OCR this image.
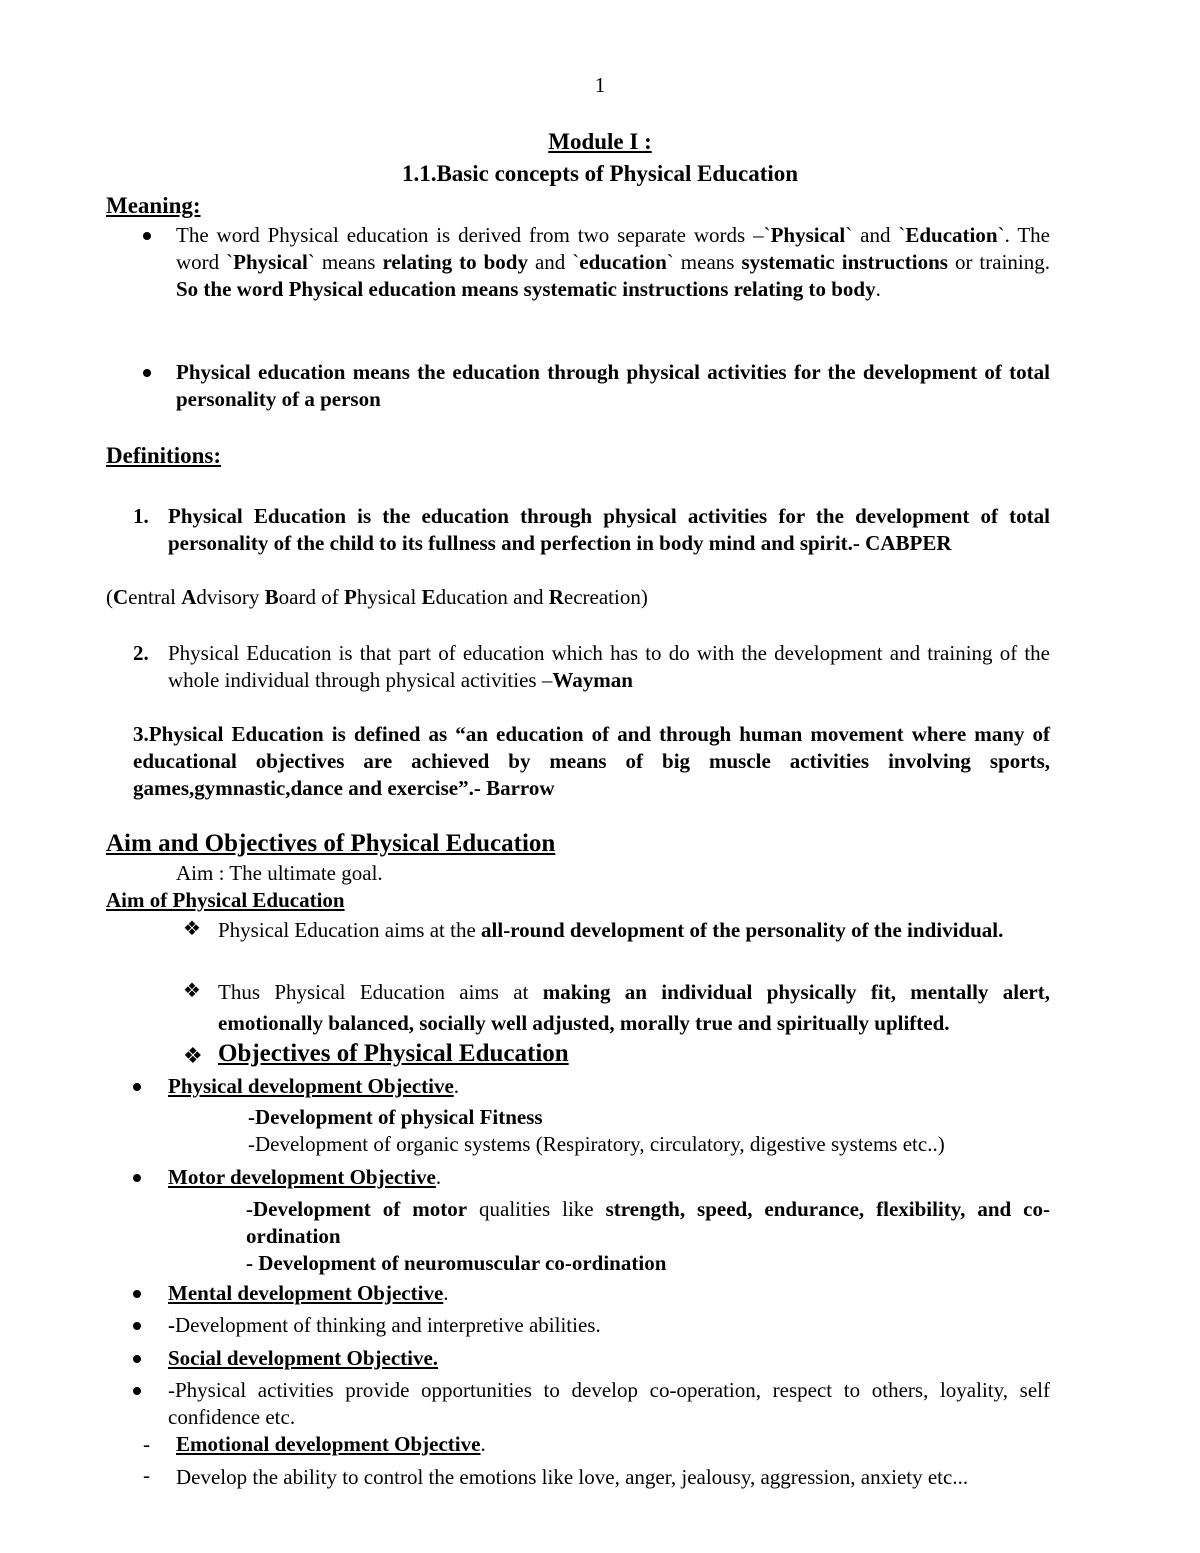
1
Module I :
1.1.Basic concepts of Physical Education
Meaning:
The word Physical education is derived from two separate words –`Physical` and `Education`. The word `Physical` means relating to body and `education` means systematic instructions or training. So the word Physical education means systematic instructions relating to body.
Physical education means the education through physical activities for the development of total personality of a person
Definitions:
1. Physical Education is the education through physical activities for the development of total personality of the child to its fullness and perfection in body mind and spirit.- CABPER
(Central Advisory Board of Physical Education and Recreation)
2. Physical Education is that part of education which has to do with the development and training of the whole individual through physical activities –Wayman
3.Physical Education is defined as “an education of and through human movement where many of educational objectives are achieved by means of big muscle activities involving sports, games,gymnastic,dance and exercise”.- Barrow
Aim and Objectives of Physical Education
Aim : The ultimate goal.
Aim of Physical Education
❖ Physical Education aims at the all-round development of the personality of the individual.
❖ Thus Physical Education aims at making an individual physically fit, mentally alert, emotionally balanced, socially well adjusted, morally true and spiritually uplifted.
❖ Objectives of Physical Education
Physical development Objective.
-Development of physical Fitness
-Development of organic systems (Respiratory, circulatory, digestive systems etc..)
Motor development Objective.
-Development of motor qualities like strength, speed, endurance, flexibility, and co-ordination
- Development of neuromuscular co-ordination
Mental development Objective.
-Development of thinking and interpretive abilities.
Social development Objective.
-Physical activities provide opportunities to develop co-operation, respect to others, loyality, self confidence etc.
- Emotional development Objective.
- Develop the ability to control the emotions like love, anger, jealousy, aggression, anxiety etc...
